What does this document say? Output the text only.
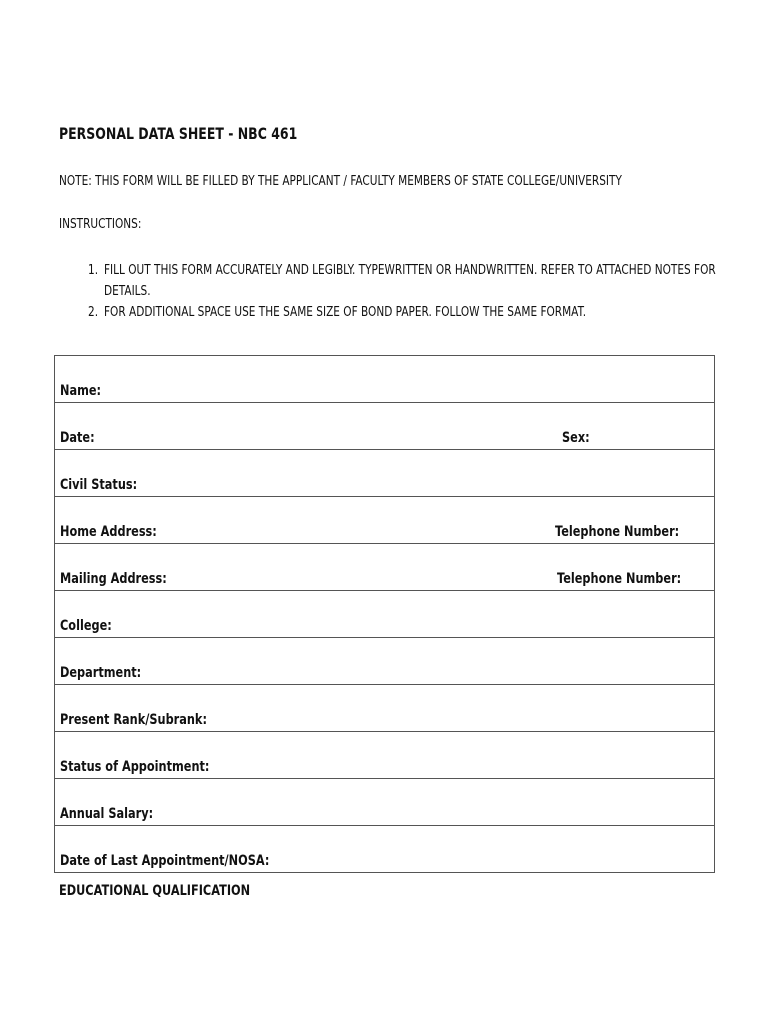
PERSONAL DATA SHEET - NBC 461
NOTE: THIS FORM WILL BE FILLED BY THE APPLICANT / FACULTY MEMBERS OF STATE COLLEGE/UNIVERSITY
INSTRUCTIONS:
1. FILL OUT THIS FORM ACCURATELY AND LEGIBLY. TYPEWRITTEN OR HANDWRITTEN. REFER TO ATTACHED NOTES FOR
DETAILS.
2. FOR ADDITIONAL SPACE USE THE SAME SIZE OF BOND PAPER. FOLLOW THE SAME FORMAT.
Name:
Date:	Sex:
Civil Status:
Home Address:	Telephone Number:
Mailing Address:	Telephone Number:
College:
Department:
Present Rank/Subrank:
Status of Appointment:
Annual Salary:
Date of Last Appointment/NOSA:
EDUCATIONAL QUALIFICATION
